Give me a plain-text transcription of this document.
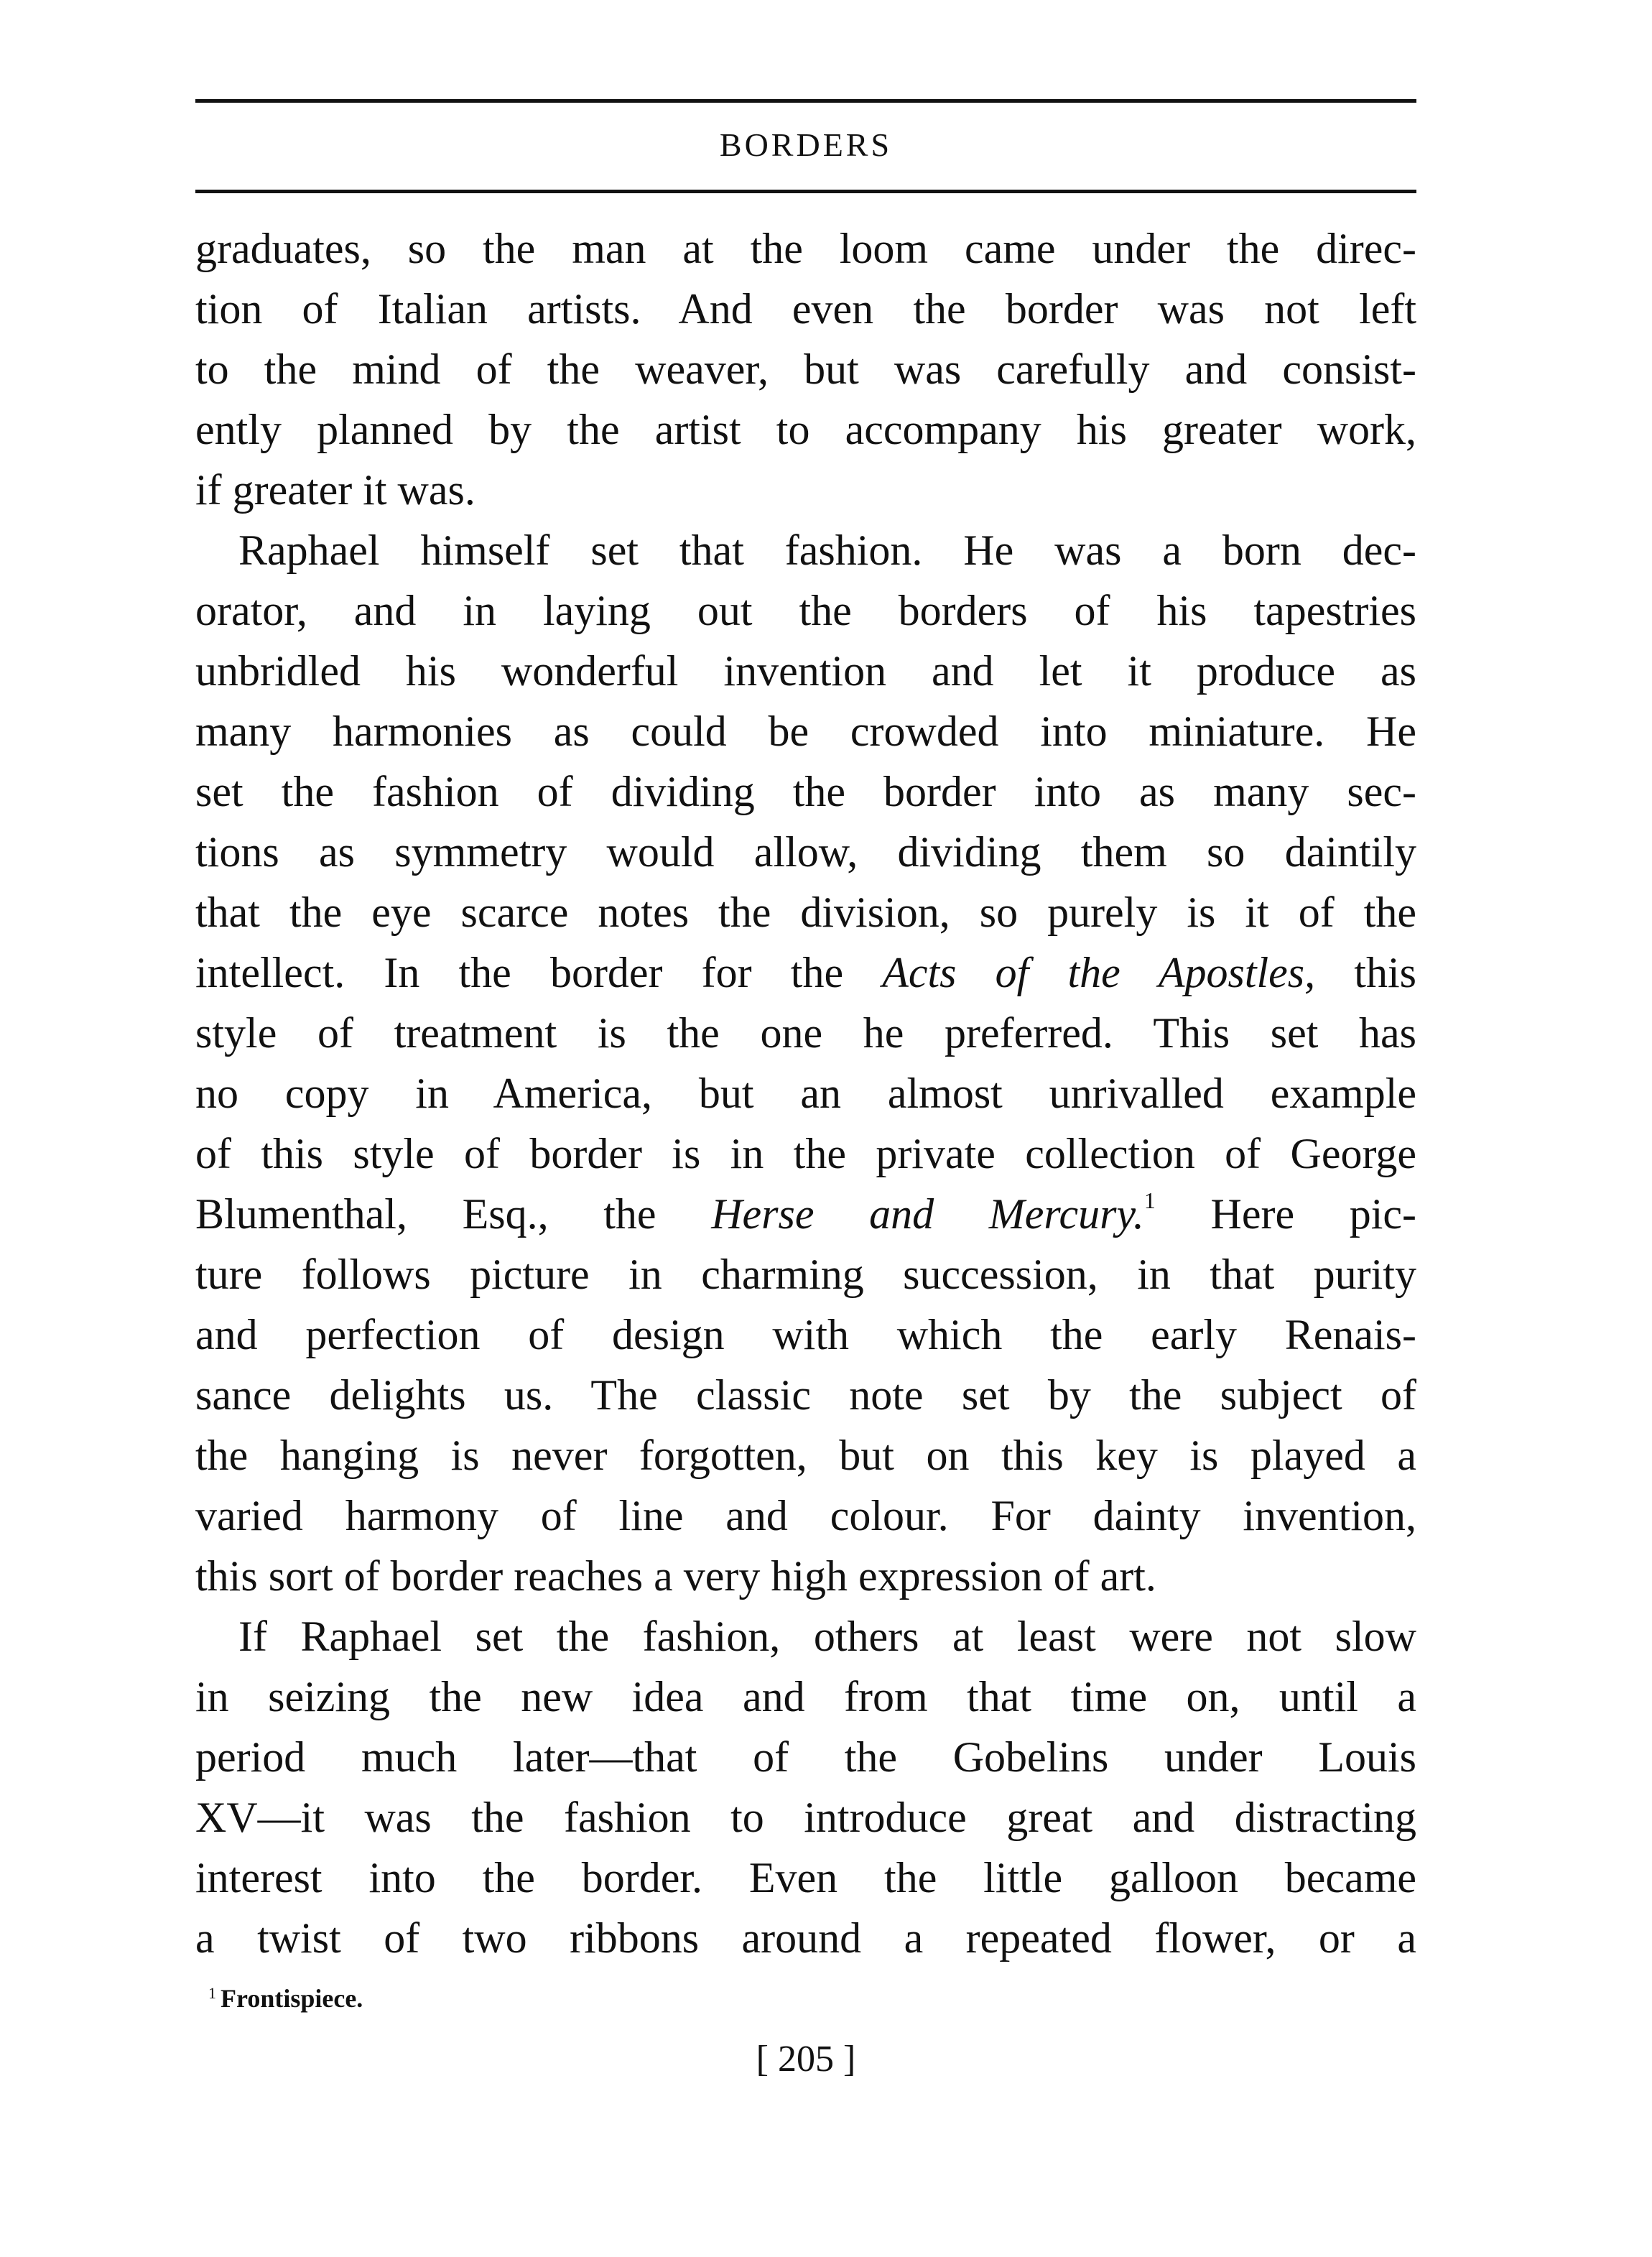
BORDERS
graduates, so the man at the loom came under the direc-
tion of Italian artists. And even the border was not left
to the mind of the weaver, but was carefully and consist-
ently planned by the artist to accompany his greater work,
if greater it was.
Raphael himself set that fashion. He was a born dec-
orator, and in laying out the borders of his tapestries
unbridled his wonderful invention and let it produce as
many harmonies as could be crowded into miniature. He
set the fashion of dividing the border into as many sec-
tions as symmetry would allow, dividing them so daintily
that the eye scarce notes the division, so purely is it of the
intellect. In the border for the Acts of the Apostles, this
style of treatment is the one he preferred. This set has
no copy in America, but an almost unrivalled example
of this style of border is in the private collection of George
Blumenthal, Esq., the Herse and Mercury.$^1$ Here pic-
ture follows picture in charming succession, in that purity
and perfection of design with which the early Renais-
sance delights us. The classic note set by the subject of
the hanging is never forgotten, but on this key is played a
varied harmony of line and colour. For dainty invention,
this sort of border reaches a very high expression of art.
If Raphael set the fashion, others at least were not slow
in seizing the new idea and from that time on, until a
period much later—that of the Gobelins under Louis
XV—it was the fashion to introduce great and distracting
interest into the border. Even the little galloon became
a twist of two ribbons around a repeated flower, or a
$^1$ Frontispiece.
[ 205 ]
